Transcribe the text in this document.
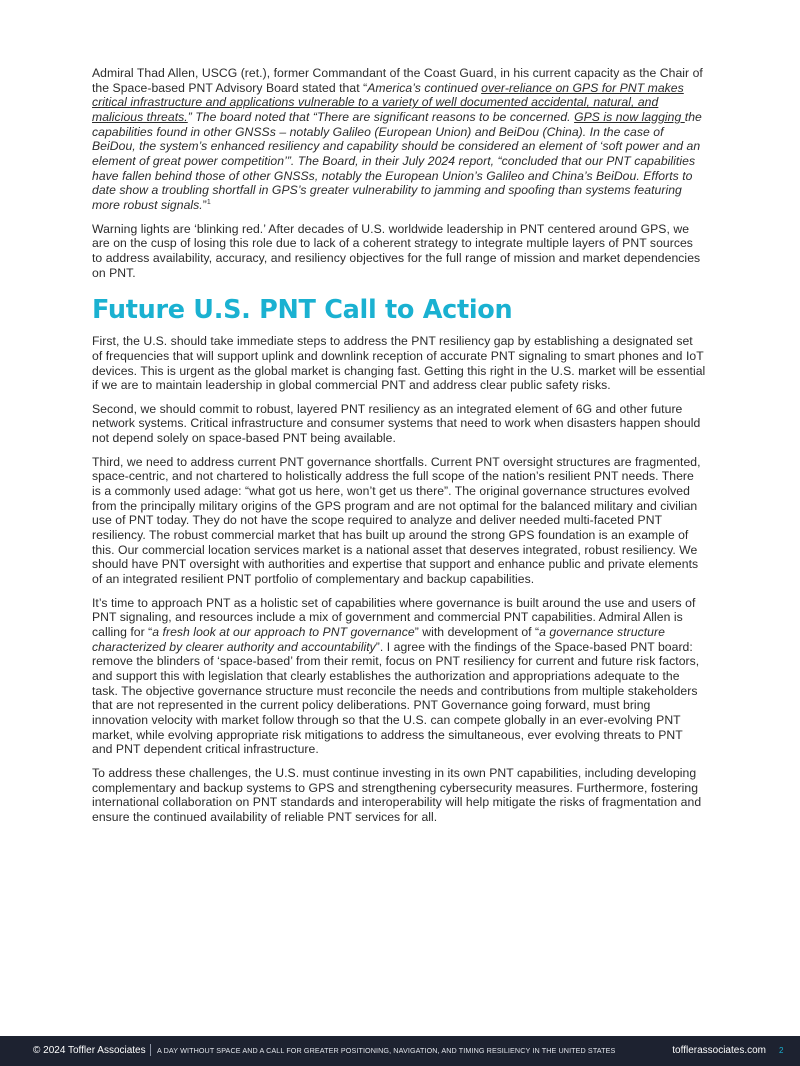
Admiral Thad Allen, USCG (ret.), former Commandant of the Coast Guard, in his current capacity as the Chair of the Space-based PNT Advisory Board stated that “America’s continued over-reliance on GPS for PNT makes critical infrastructure and applications vulnerable to a variety of well documented accidental, natural, and malicious threats.” The board noted that “There are significant reasons to be concerned. GPS is now lagging the capabilities found in other GNSSs – notably Galileo (European Union) and BeiDou (China). In the case of BeiDou, the system’s enhanced resiliency and capability should be considered an element of ‘soft power and an element of great power competition’”. The Board, in their July 2024 report, “concluded that our PNT capabilities have fallen behind those of other GNSSs, notably the European Union’s Galileo and China’s BeiDou. Efforts to date show a troubling shortfall in GPS’s greater vulnerability to jamming and spoofing than systems featuring more robust signals.”$^1$

Warning lights are ‘blinking red.’ After decades of U.S. worldwide leadership in PNT centered around GPS, we are on the cusp of losing this role due to lack of a coherent strategy to integrate multiple layers of PNT sources to address availability, accuracy, and resiliency objectives for the full range of mission and market dependencies on PNT.

Future U.S. PNT Call to Action

First, the U.S. should take immediate steps to address the PNT resiliency gap by establishing a designated set of frequencies that will support uplink and downlink reception of accurate PNT signaling to smart phones and IoT devices. This is urgent as the global market is changing fast. Getting this right in the U.S. market will be essential if we are to maintain leadership in global commercial PNT and address clear public safety risks.

Second, we should commit to robust, layered PNT resiliency as an integrated element of 6G and other future network systems. Critical infrastructure and consumer systems that need to work when disasters happen should not depend solely on space-based PNT being available.

Third, we need to address current PNT governance shortfalls. Current PNT oversight structures are fragmented, space-centric, and not chartered to holistically address the full scope of the nation’s resilient PNT needs. There is a commonly used adage: “what got us here, won’t get us there”. The original governance structures evolved from the principally military origins of the GPS program and are not optimal for the balanced military and civilian use of PNT today. They do not have the scope required to analyze and deliver needed multi-faceted PNT resiliency. The robust commercial market that has built up around the strong GPS foundation is an example of this. Our commercial location services market is a national asset that deserves integrated, robust resiliency. We should have PNT oversight with authorities and expertise that support and enhance public and private elements of an integrated resilient PNT portfolio of complementary and backup capabilities.

It’s time to approach PNT as a holistic set of capabilities where governance is built around the use and users of PNT signaling, and resources include a mix of government and commercial PNT capabilities. Admiral Allen is calling for “a fresh look at our approach to PNT governance” with development of “a governance structure characterized by clearer authority and accountability”. I agree with the findings of the Space-based PNT board: remove the blinders of ‘space-based’ from their remit, focus on PNT resiliency for current and future risk factors, and support this with legislation that clearly establishes the authorization and appropriations adequate to the task. The objective governance structure must reconcile the needs and contributions from multiple stakeholders that are not represented in the current policy deliberations. PNT Governance going forward, must bring innovation velocity with market follow through so that the U.S. can compete globally in an ever-evolving PNT market, while evolving appropriate risk mitigations to address the simultaneous, ever evolving threats to PNT and PNT dependent critical infrastructure.

To address these challenges, the U.S. must continue investing in its own PNT capabilities, including developing complementary and backup systems to GPS and strengthening cybersecurity measures. Furthermore, fostering international collaboration on PNT standards and interoperability will help mitigate the risks of fragmentation and ensure the continued availability of reliable PNT services for all.

© 2024 Toffler Associates A DAY WITHOUT SPACE AND A CALL FOR GREATER POSITIONING, NAVIGATION, AND TIMING RESILIENCY IN THE UNITED STATES	tofflerassociates.com 2
